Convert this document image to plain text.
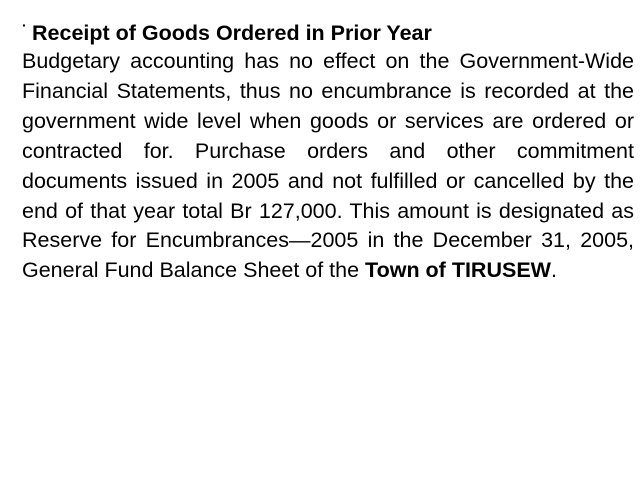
· Receipt of Goods Ordered in Prior Year

Budgetary accounting has no effect on the Government-Wide Financial Statements, thus no encumbrance is recorded at the government wide level when goods or services are ordered or contracted for. Purchase orders and other commitment documents issued in 2005 and not fulfilled or cancelled by the end of that year total Br 127,000. This amount is designated as Reserve for Encumbrances—2005 in the December 31, 2005, General Fund Balance Sheet of the Town of TIRUSEW.
